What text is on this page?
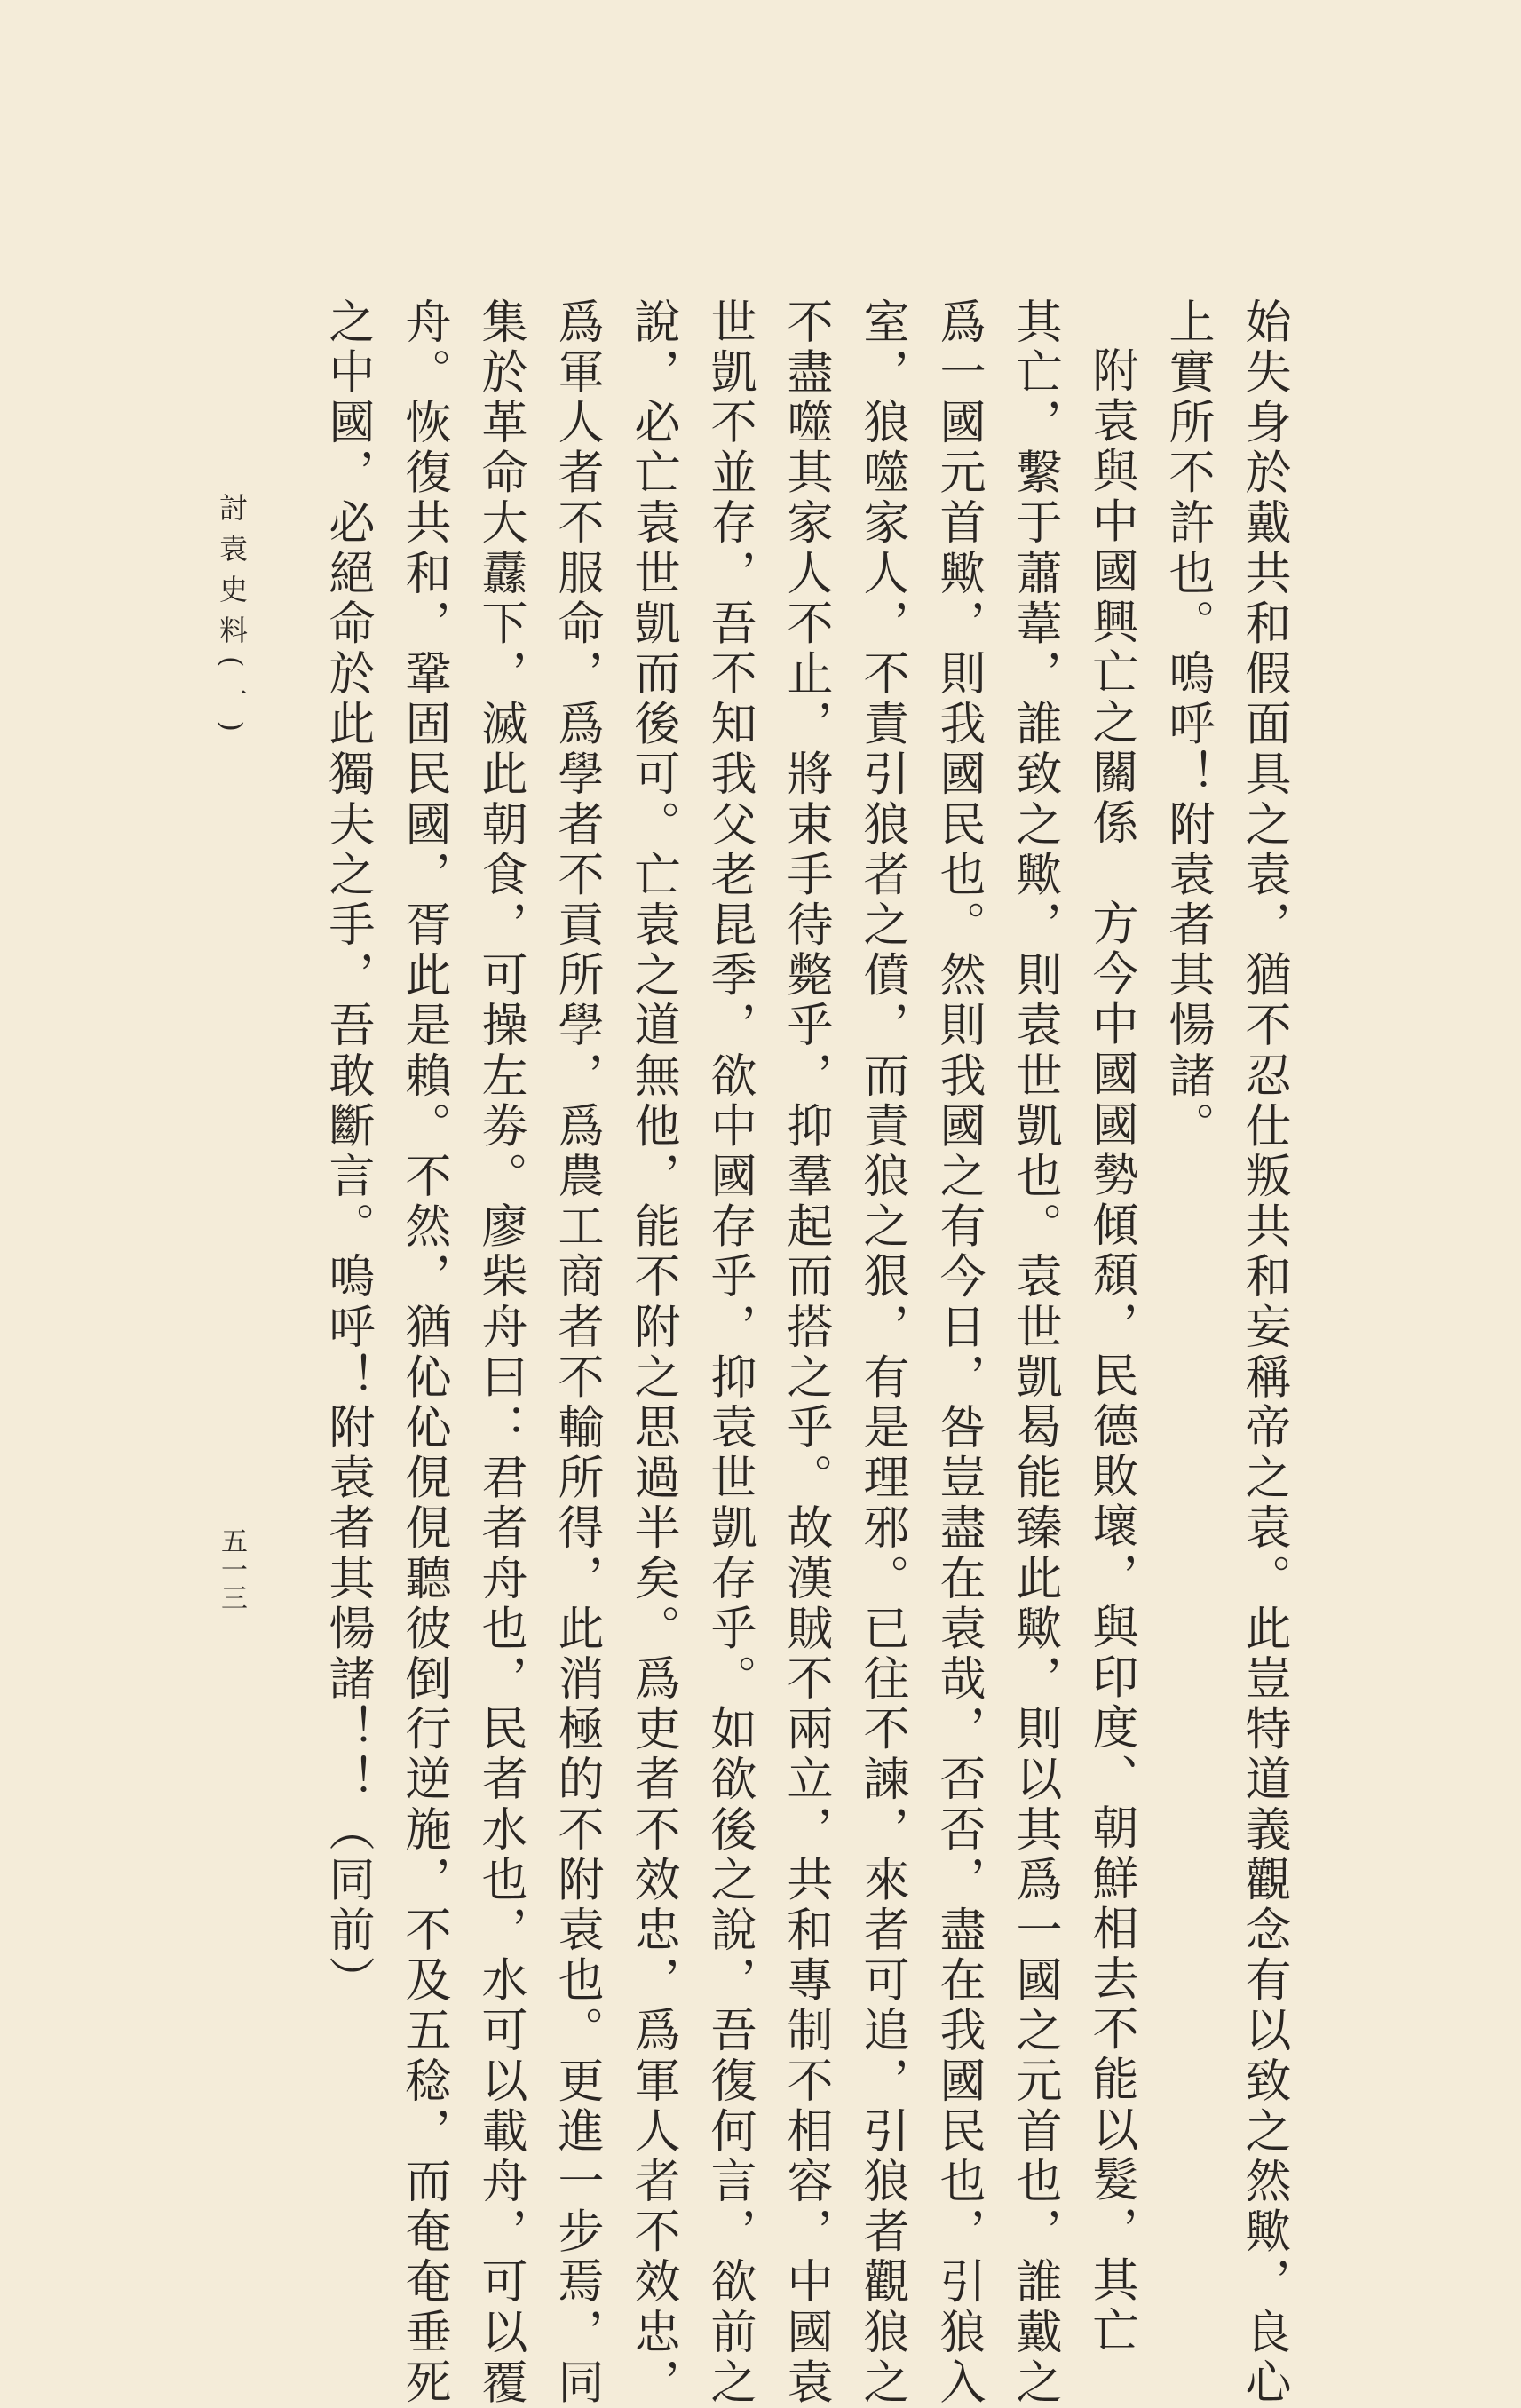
始失身於戴共和假面具之袁，猶不忍仕叛共和妄稱帝之袁。此豈特道義觀念有以致之然歟，良心
上實所不許也。嗚呼！附袁者其愓諸。
附袁與中國興亡之關係　方今中國國勢傾頹，民德敗壞，與印度、朝鮮相去不能以髮，其亡
其亡，繫于蕭葦，誰致之歟，則袁世凱也。袁世凱曷能臻此歟，則以其爲一國之元首也，誰戴之
爲一國元首歟，則我國民也。然則我國之有今日，咎豈盡在袁哉，否否，盡在我國民也，引狼入
室，狼噬家人，不責引狼者之僨，而責狼之狠，有是理邪。已往不諫，來者可追，引狼者觀狼之
不盡噬其家人不止，將束手待斃乎，抑羣起而搭之乎。故漢賊不兩立，共和專制不相容，中國袁
世凱不並存，吾不知我父老昆季，欲中國存乎，抑袁世凱存乎。如欲後之說，吾復何言，欲前之
說，必亡袁世凱而後可。亡袁之道無他，能不附之思過半矣。爲吏者不效忠，爲軍人者不效忠，
爲軍人者不服命，爲學者不貢所學，爲農工商者不輸所得，此消極的不附袁也。更進一步焉，同
集於革命大纛下，滅此朝食，可操左劵。廖柴舟曰：君者舟也，民者水也，水可以載舟，可以覆
舟。恢復共和，鞏固民國，胥此是賴。不然，猶伈伈俔俔聽彼倒行逆施，不及五稔，而奄奄垂死
之中國，必絕命於此獨夫之手，吾敢斷言。嗚呼！附袁者其愓諸！！（同前）
討袁史料(一)
五一三
